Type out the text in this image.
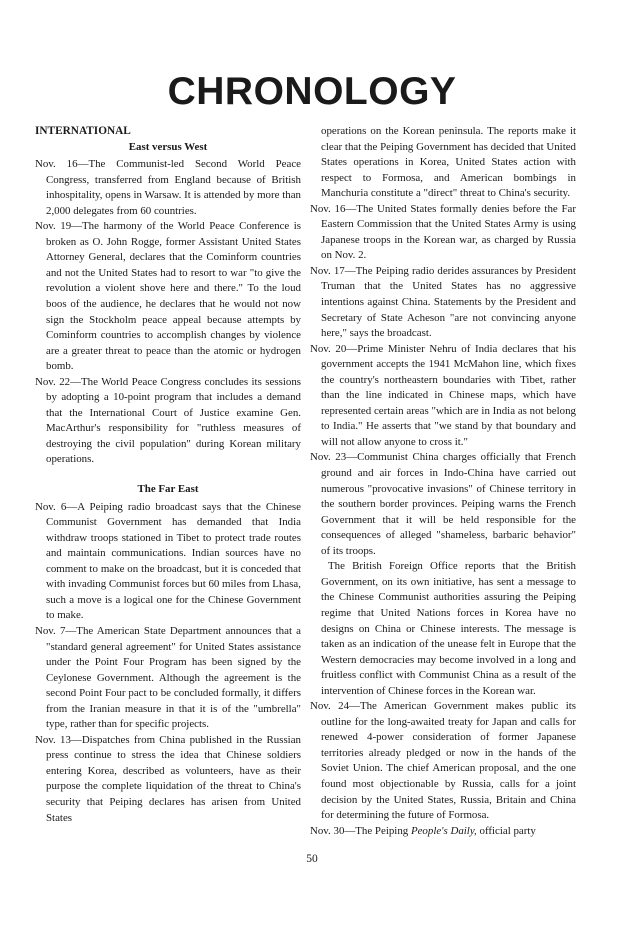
CHRONOLOGY

INTERNATIONAL

East versus West

Nov. 16—The Communist-led Second World Peace Congress, transferred from England because of British inhospitality, opens in Warsaw. It is attended by more than 2,000 delegates from 60 countries.

Nov. 19—The harmony of the World Peace Conference is broken as O. John Rogge, former Assistant United States Attorney General, declares that the Cominform countries and not the United States had to resort to war "to give the revolution a violent shove here and there." To the loud boos of the audience, he declares that he would not now sign the Stockholm peace appeal because attempts by Cominform countries to accomplish changes by violence are a greater threat to peace than the atomic or hydrogen bomb.

Nov. 22—The World Peace Congress concludes its sessions by adopting a 10-point program that includes a demand that the International Court of Justice examine Gen. MacArthur's responsibility for "ruthless measures of destroying the civil population" during Korean military operations.

The Far East

Nov. 6—A Peiping radio broadcast says that the Chinese Communist Government has demanded that India withdraw troops stationed in Tibet to protect trade routes and maintain communications. Indian sources have no comment to make on the broadcast, but it is conceded that with invading Communist forces but 60 miles from Lhasa, such a move is a logical one for the Chinese Government to make.

Nov. 7—The American State Department announces that a "standard general agreement" for United States assistance under the Point Four Program has been signed by the Ceylonese Government. Although the agreement is the second Point Four pact to be concluded formally, it differs from the Iranian measure in that it is of the "umbrella" type, rather than for specific projects.

Nov. 13—Dispatches from China published in the Russian press continue to stress the idea that Chinese soldiers entering Korea, described as volunteers, have as their purpose the complete liquidation of the threat to China's security that Peiping declares has arisen from United States

operations on the Korean peninsula. The reports make it clear that the Peiping Government has decided that United States operations in Korea, United States action with respect to Formosa, and American bombings in Manchuria constitute a "direct" threat to China's security.

Nov. 16—The United States formally denies before the Far Eastern Commission that the United States Army is using Japanese troops in the Korean war, as charged by Russia on Nov. 2.

Nov. 17—The Peiping radio derides assurances by President Truman that the United States has no aggressive intentions against China. Statements by the President and Secretary of State Acheson "are not convincing anyone here," says the broadcast.

Nov. 20—Prime Minister Nehru of India declares that his government accepts the 1941 McMahon line, which fixes the country's northeastern boundaries with Tibet, rather than the line indicated in Chinese maps, which have represented certain areas "which are in India as not belong to India." He asserts that "we stand by that boundary and will not allow anyone to cross it."

Nov. 23—Communist China charges officially that French ground and air forces in Indo-China have carried out numerous "provocative invasions" of Chinese territory in the southern border provinces. Peiping warns the French Government that it will be held responsible for the consequences of alleged "shameless, barbaric behavior" of its troops.

The British Foreign Office reports that the British Government, on its own initiative, has sent a message to the Chinese Communist authorities assuring the Peiping regime that United Nations forces in Korea have no designs on China or Chinese interests. The message is taken as an indication of the unease felt in Europe that the Western democracies may become involved in a long and fruitless conflict with Communist China as a result of the intervention of Chinese forces in the Korean war.

Nov. 24—The American Government makes public its outline for the long-awaited treaty for Japan and calls for renewed 4-power consideration of former Japanese territories already pledged or now in the hands of the Soviet Union. The chief American proposal, and the one found most objectionable by Russia, calls for a joint decision by the United States, Russia, Britain and China for determining the future of Formosa.

Nov. 30—The Peiping People's Daily, official party

50
